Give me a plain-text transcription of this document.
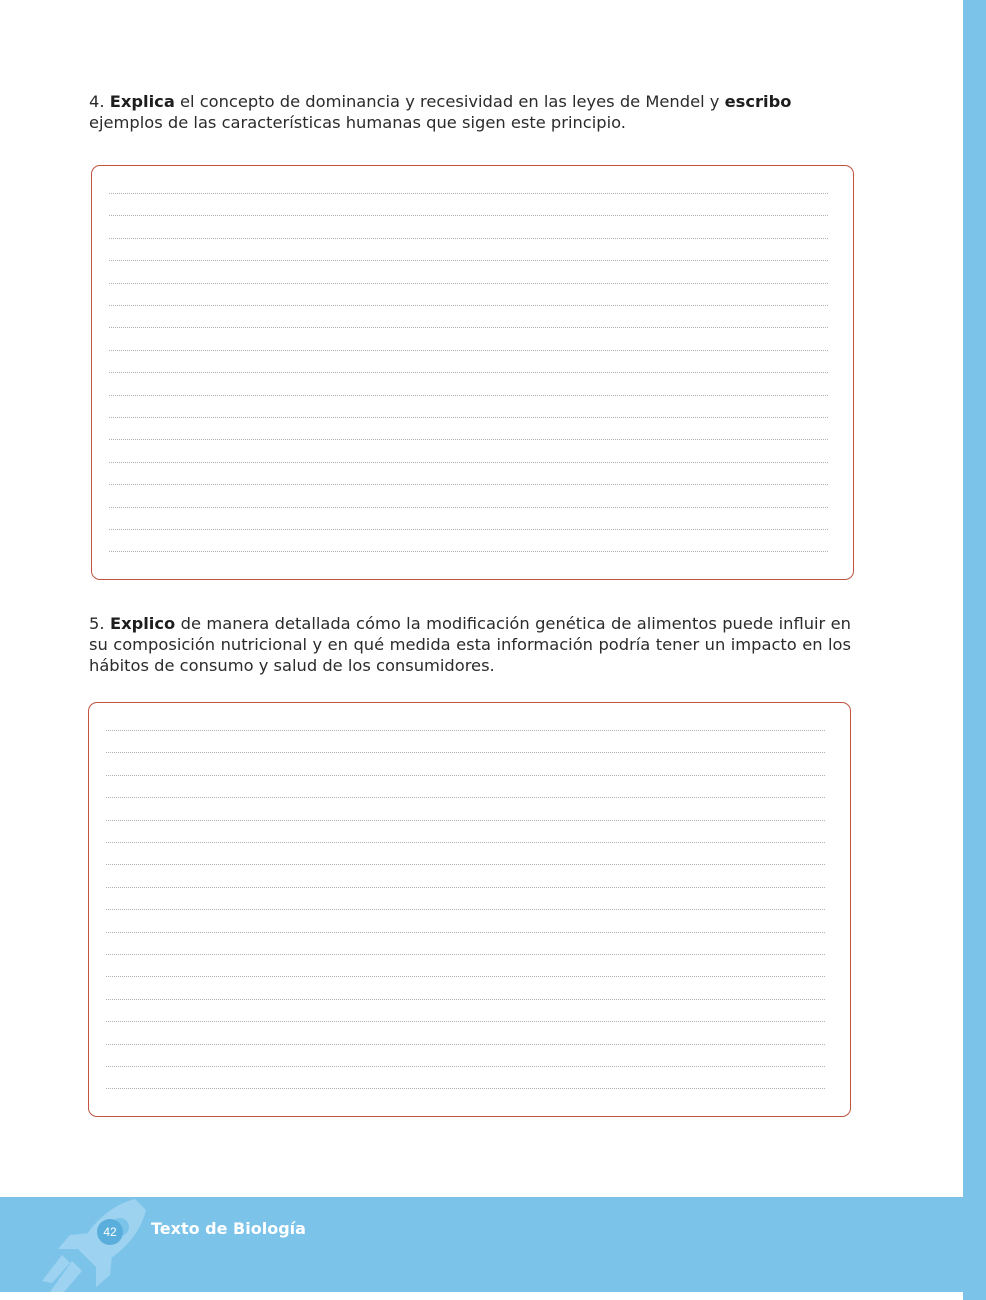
4. Explica el concepto de dominancia y recesividad en las leyes de Mendel y escribo ejemplos de las características humanas que sigen este principio.

5. Explico de manera detallada cómo la modificación genética de alimentos puede influir en su composición nutricional y en qué medida esta información podría tener un impacto en los hábitos de consumo y salud de los consumidores.

42	Texto de Biología
